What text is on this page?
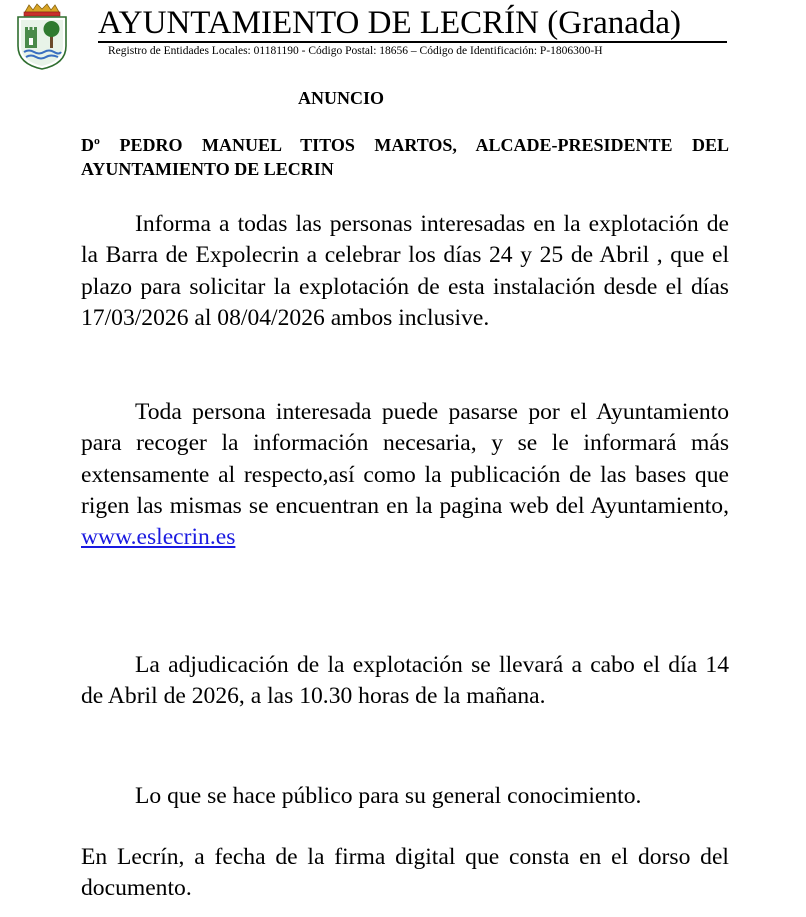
AYUNTAMIENTO DE LECRÍN (Granada)
Registro de Entidades Locales: 01181190 - Código Postal: 18656 – Código de Identificación: P-1806300-H
ANUNCIO
Dº PEDRO MANUEL TITOS MARTOS, ALCADE-PRESIDENTE DEL AYUNTAMIENTO DE LECRIN

Informa a todas las personas interesadas en la explotación de la Barra de Expolecrin a celebrar los días 24 y 25 de Abril , que el plazo para solicitar la explotación de esta instalación desde el días 17/03/2026 al 08/04/2026 ambos inclusive.

Toda persona interesada puede pasarse por el Ayuntamiento para recoger la información necesaria, y se le informará más extensamente al respecto,así como la publicación de las bases que rigen las mismas se encuentran en la pagina web del Ayuntamiento, www.eslecrin.es

La adjudicación de la explotación se llevará a cabo el día 14 de Abril de 2026, a las 10.30 horas de la mañana.

Lo que se hace público para su general conocimiento.

En Lecrín, a fecha de la firma digital que consta en el dorso del documento.
